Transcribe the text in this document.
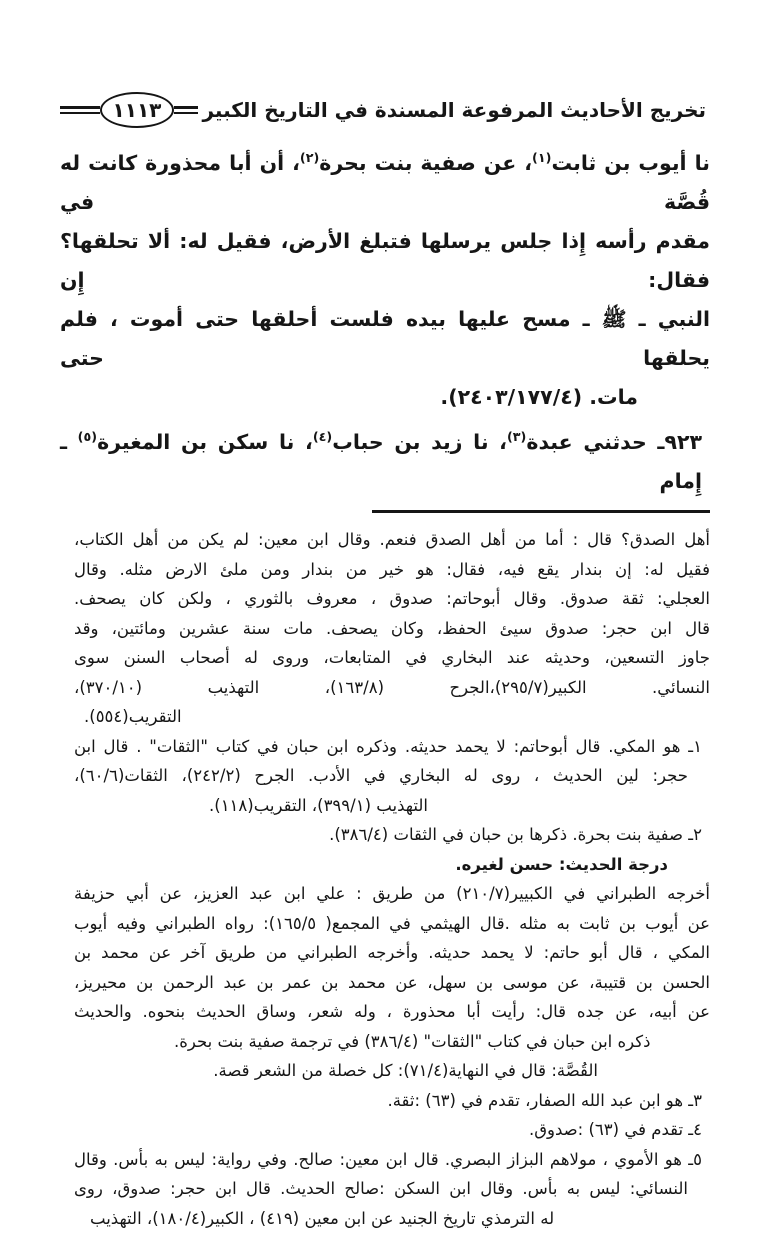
١١١٣ تخريج الأحاديث المرفوعة المسندة في التاريخ الكبير
نا أيوب بن ثابت$^{(١)}$، عن صفية بنت بحرة$^{(٢)}$، أن أبا محذورة كانت له قُصَّة في
مقدم رأسه إِذا جلس يرسلها فتبلغ الأرض، فقيل له: ألا تحلقها؟ فقال: إِن
النبي ـ ﷺ ـ مسح عليها بيده فلست أحلقها حتى أموت ، فلم يحلقها حتى
مات. (٤‏/‏١٧٧‏/‏٢٤٠٣).
٩٢٣ـ حدثني عبدة$^{(٣)}$، نا زيد بن حباب$^{(٤)}$، نا سكن بن المغيرة$^{(٥)}$ ـ إِمام
أهل الصدق؟ قال : أما من أهل الصدق فنعم. وقال ابن معين: لم يكن من أهل الكتاب،
فقيل له: إن بندار يقع فيه، فقال: هو خير من بندار ومن ملئ الارض مثله. وقال
العجلي: ثقة صدوق. وقال أبوحاتم: صدوق ، معروف بالثوري ، ولكن كان يصحف.
قال ابن حجر: صدوق سيئ الحفظ، وكان يصحف. مات سنة عشرين ومائتين، وقد
جاوز التسعين، وحديثه عند البخاري في المتابعات، وروى له أصحاب السنن سوى
النسائي. الكبير(٧‏/‏٢٩٥)،الجرح (٨‏/‏١٦٣)، التهذيب (١٠‏/‏٣٧٠)،
التقريب(٥٥٤).
١ـ هو المكي. قال أبوحاتم: لا يحمد حديثه. وذكره ابن حبان في كتاب "الثقات" . قال ابن
حجر: لين الحديث ، روى له البخاري في الأدب. الجرح (٢‏/‏٢٤٢)، الثقات(٦‏/‏٦٠)،
التهذيب (١‏/‏٣٩٩)، التقريب(١١٨).
٢ـ صفية بنت بحرة. ذكرها بن حبان في الثقات (٤‏/‏٣٨٦).
درجة الحديث: حسن لغيره.
أخرجه الطبراني في الكبيير(٧‏/‏٢١٠) من طريق : علي ابن عبد العزيز، عن أبي حزيفة
عن أيوب بن ثابت به مثله .قال الهيثمي في المجمع( ٥‏/‏١٦٥): رواه الطبراني وفيه أيوب
المكي ، قال أبو حاتم: لا يحمد حديثه. وأخرجه الطبراني من طريق آخر عن محمد بن
الحسن بن قتيبة، عن موسى بن سهل، عن محمد بن عمر بن عبد الرحمن بن محيريز،
عن أبيه، عن جده قال: رأيت أبا محذورة ، وله شعر، وساق الحديث بنحوه. والحديث
ذكره ابن حبان في كتاب "الثقات" (٤‏/‏٣٨٦) في ترجمة صفية بنت بحرة.
القُصَّة: قال في النهاية(٤‏/‏٧١): كل خصلة من الشعر قصة.
٣ـ هو ابن عبد الله الصفار، تقدم في (٦٣) :ثقة.
٤ـ تقدم في (٦٣) :صدوق.
٥ـ هو الأموي ، مولاهم البزاز البصري. قال ابن معين: صالح. وفي رواية: ليس به بأس. وقال
النسائي: ليس به بأس. وقال ابن السكن :صالح الحديث. قال ابن حجر: صدوق، روى
له الترمذي تاريخ الجنيد عن ابن معين (٤١٩) ، الكبير(٤‏/‏١٨٠)، التهذيب
